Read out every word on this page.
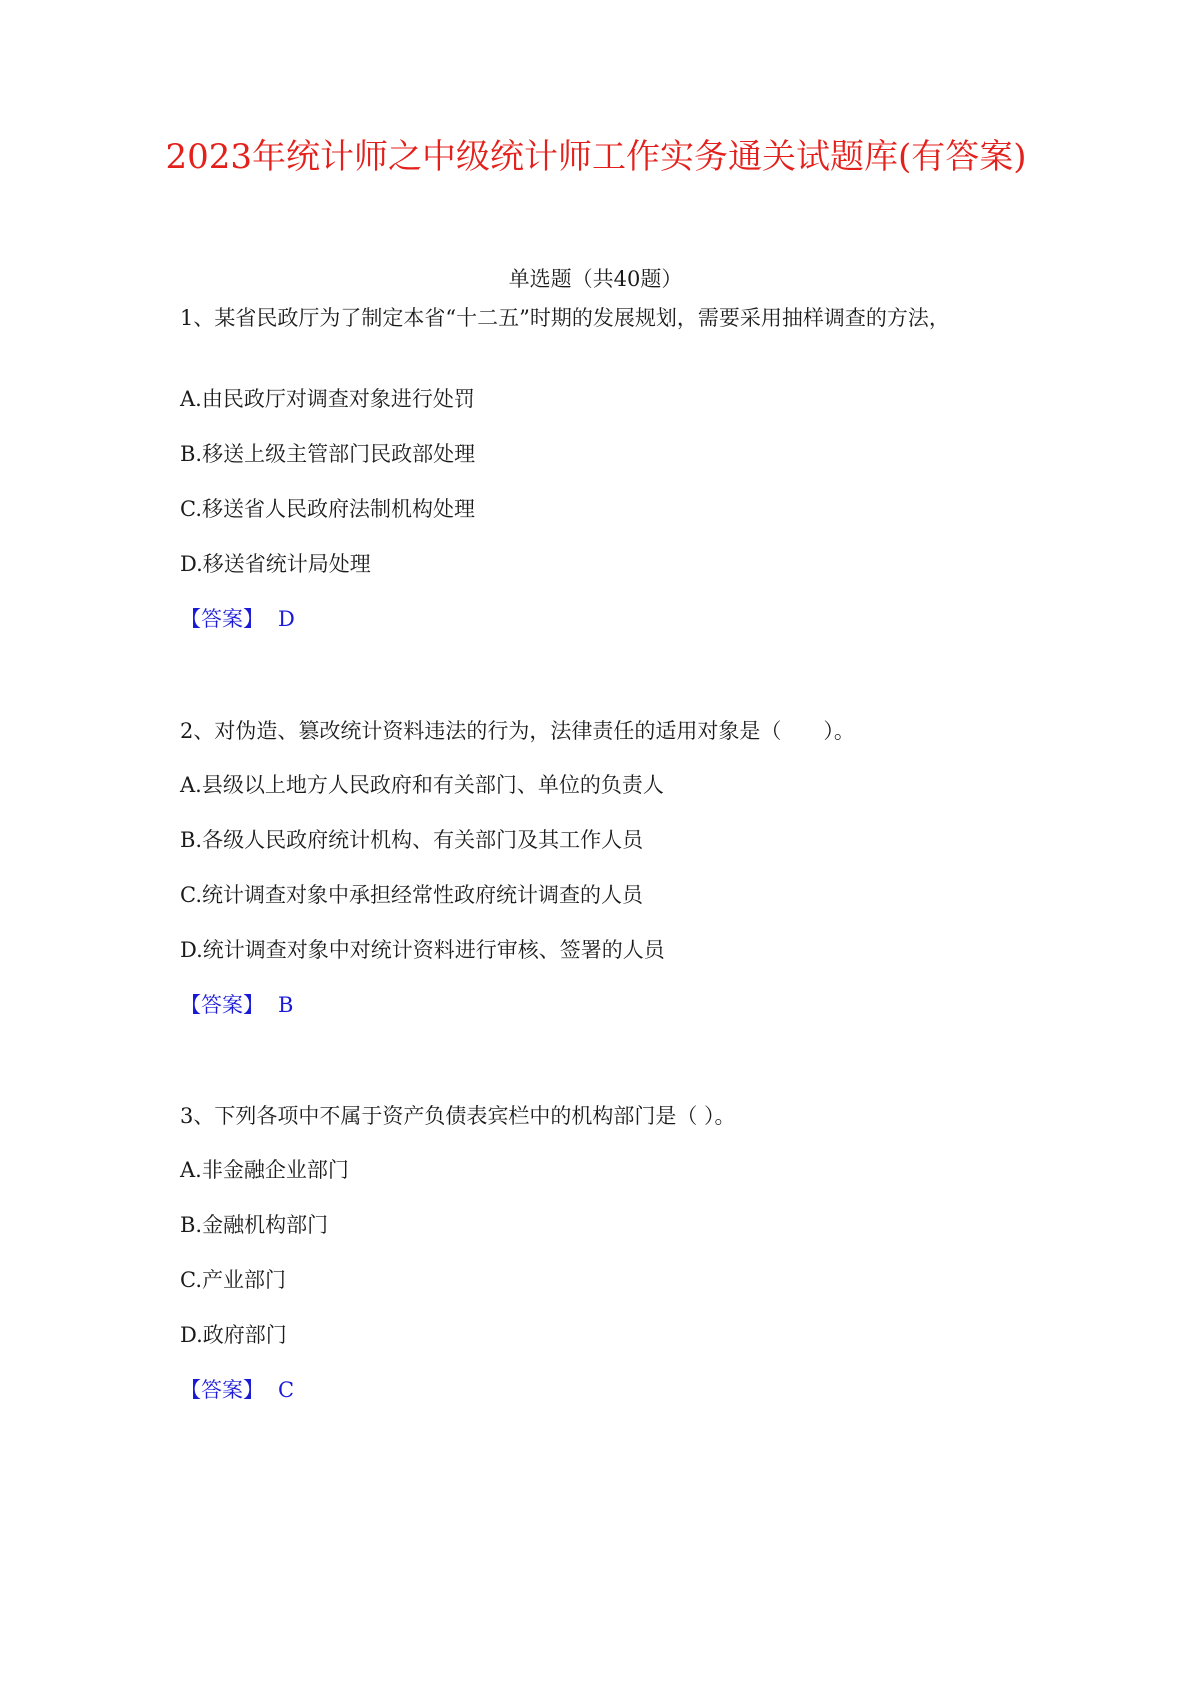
2023年统计师之中级统计师工作实务通关试题库(有答案)

单选题（共40题）

1、某省民政厅为了制定本省“十二五”时期的发展规划，需要采用抽样调查的方法，

A.由民政厅对调查对象进行处罚

B.移送上级主管部门民政部处理

C.移送省人民政府法制机构处理

D.移送省统计局处理

【答案】 D

2、对伪造、篡改统计资料违法的行为，法律责任的适用对象是（　　）。

A.县级以上地方人民政府和有关部门、单位的负责人

B.各级人民政府统计机构、有关部门及其工作人员

C.统计调查对象中承担经常性政府统计调查的人员

D.统计调查对象中对统计资料进行审核、签署的人员

【答案】 B

3、下列各项中不属于资产负债表宾栏中的机构部门是（ ）。

A.非金融企业部门

B.金融机构部门

C.产业部门

D.政府部门

【答案】 C
